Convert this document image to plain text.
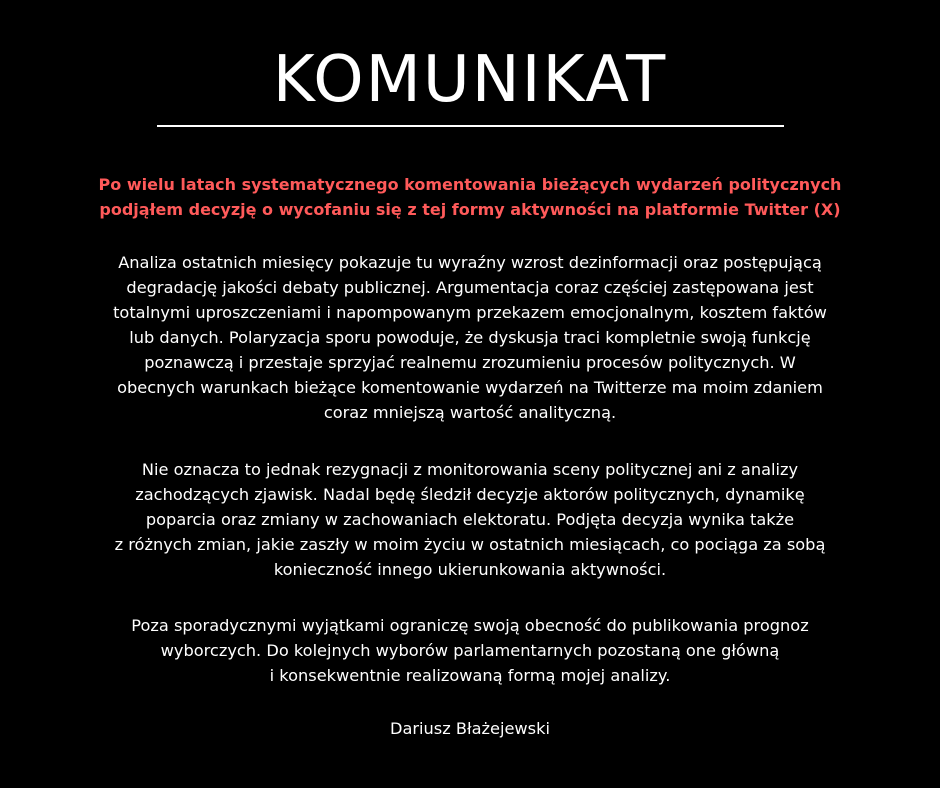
KOMUNIKAT
Po wielu latach systematycznego komentowania bieżących wydarzeń politycznych
podjąłem decyzję o wycofaniu się z tej formy aktywności na platformie Twitter (X)
Analiza ostatnich miesięcy pokazuje tu wyraźny wzrost dezinformacji oraz postępującą
degradację jakości debaty publicznej. Argumentacja coraz częściej zastępowana jest
totalnymi uproszczeniami i napompowanym przekazem emocjonalnym, kosztem faktów
lub danych. Polaryzacja sporu powoduje, że dyskusja traci kompletnie swoją funkcję
poznawczą i przestaje sprzyjać realnemu zrozumieniu procesów politycznych. W
obecnych warunkach bieżące komentowanie wydarzeń na Twitterze ma moim zdaniem
coraz mniejszą wartość analityczną.
Nie oznacza to jednak rezygnacji z monitorowania sceny politycznej ani z analizy
zachodzących zjawisk. Nadal będę śledził decyzje aktorów politycznych, dynamikę
poparcia oraz zmiany w zachowaniach elektoratu. Podjęta decyzja wynika także
z różnych zmian, jakie zaszły w moim życiu w ostatnich miesiącach, co pociąga za sobą
konieczność innego ukierunkowania aktywności.
Poza sporadycznymi wyjątkami ograniczę swoją obecność do publikowania prognoz
wyborczych. Do kolejnych wyborów parlamentarnych pozostaną one główną
i konsekwentnie realizowaną formą mojej analizy.
Dariusz Błażejewski
